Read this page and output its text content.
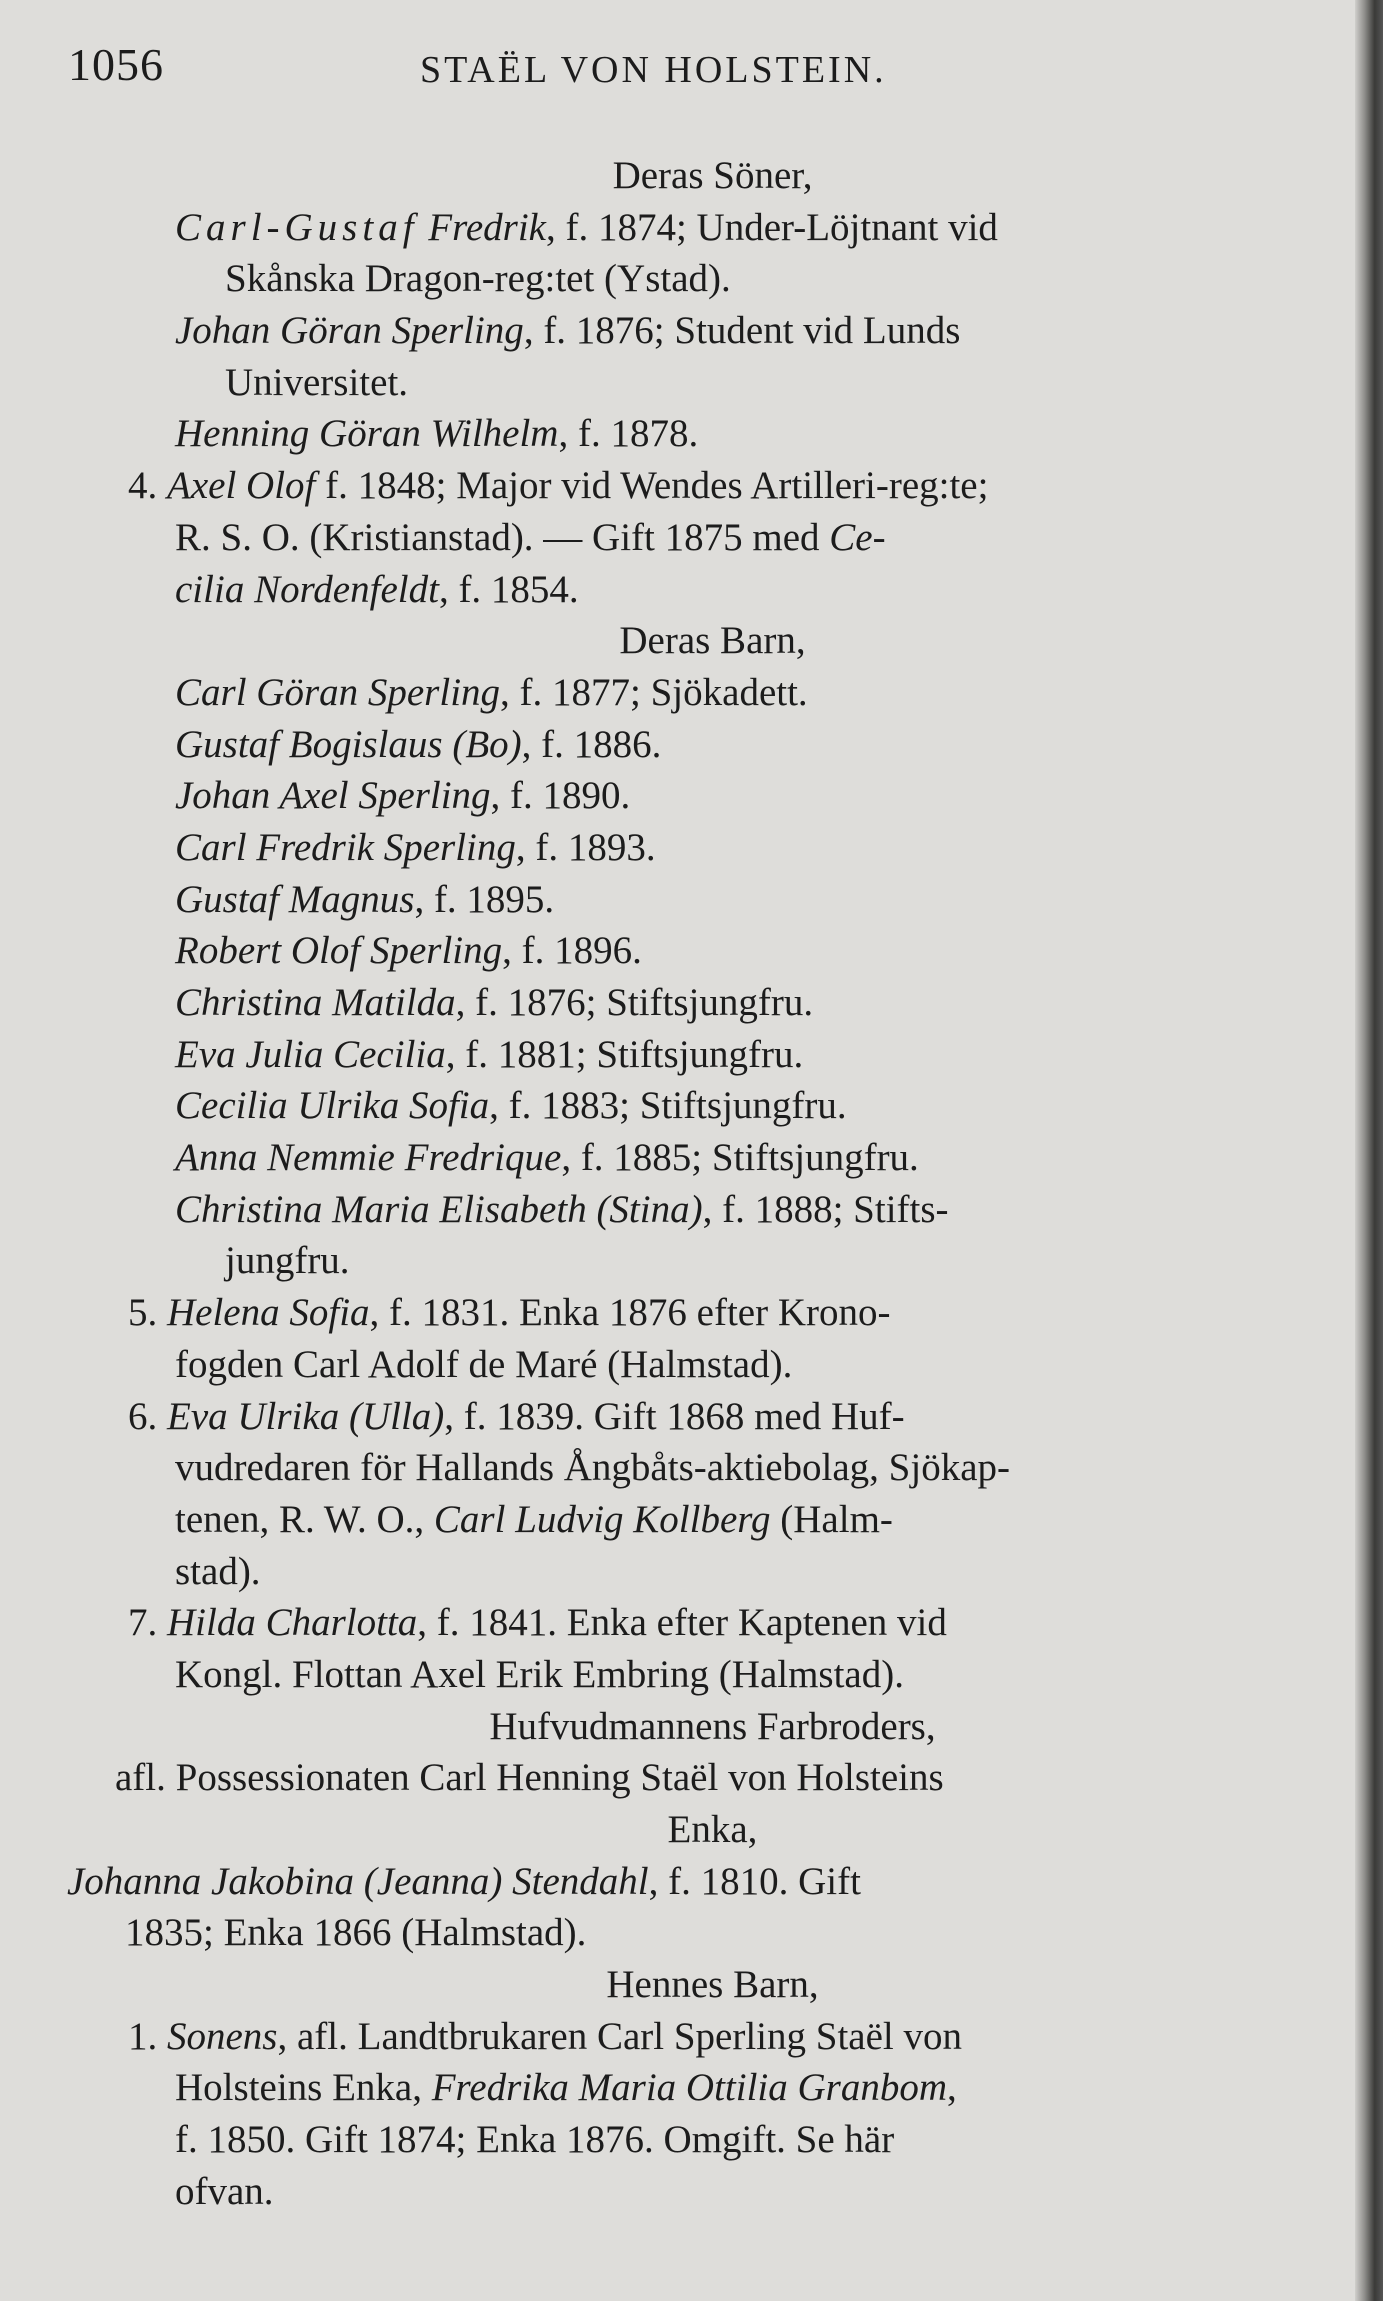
1056	STAËL VON HOLSTEIN.
Deras Söner,
Carl-Gustaf Fredrik, f. 1874; Under-Löjtnant vid
Skånska Dragon-reg:tet (Ystad).
Johan Göran Sperling, f. 1876; Student vid Lunds
Universitet.
Henning Göran Wilhelm, f. 1878.
4. Axel Olof f. 1848; Major vid Wendes Artilleri-reg:te;
R. S. O. (Kristianstad). — Gift 1875 med Ce-
cilia Nordenfeldt, f. 1854.
Deras Barn,
Carl Göran Sperling, f. 1877; Sjökadett.
Gustaf Bogislaus (Bo), f. 1886.
Johan Axel Sperling, f. 1890.
Carl Fredrik Sperling, f. 1893.
Gustaf Magnus, f. 1895.
Robert Olof Sperling, f. 1896.
Christina Matilda, f. 1876; Stiftsjungfru.
Eva Julia Cecilia, f. 1881; Stiftsjungfru.
Cecilia Ulrika Sofia, f. 1883; Stiftsjungfru.
Anna Nemmie Fredrique, f. 1885; Stiftsjungfru.
Christina Maria Elisabeth (Stina), f. 1888; Stifts-
jungfru.
5. Helena Sofia, f. 1831. Enka 1876 efter Krono-
fogden Carl Adolf de Maré (Halmstad).
6. Eva Ulrika (Ulla), f. 1839. Gift 1868 med Huf-
vudredaren för Hallands Ångbåts-aktiebolag, Sjökap-
tenen, R. W. O., Carl Ludvig Kollberg (Halm-
stad).
7. Hilda Charlotta, f. 1841. Enka efter Kaptenen vid
Kongl. Flottan Axel Erik Embring (Halmstad).
Hufvudmannens Farbroders,
afl. Possessionaten Carl Henning Staël von Holsteins
Enka,
Johanna Jakobina (Jeanna) Stendahl, f. 1810. Gift
1835; Enka 1866 (Halmstad).
Hennes Barn,
1. Sonens, afl. Landtbrukaren Carl Sperling Staël von
Holsteins Enka, Fredrika Maria Ottilia Granbom,
f. 1850. Gift 1874; Enka 1876. Omgift. Se här
ofvan.
